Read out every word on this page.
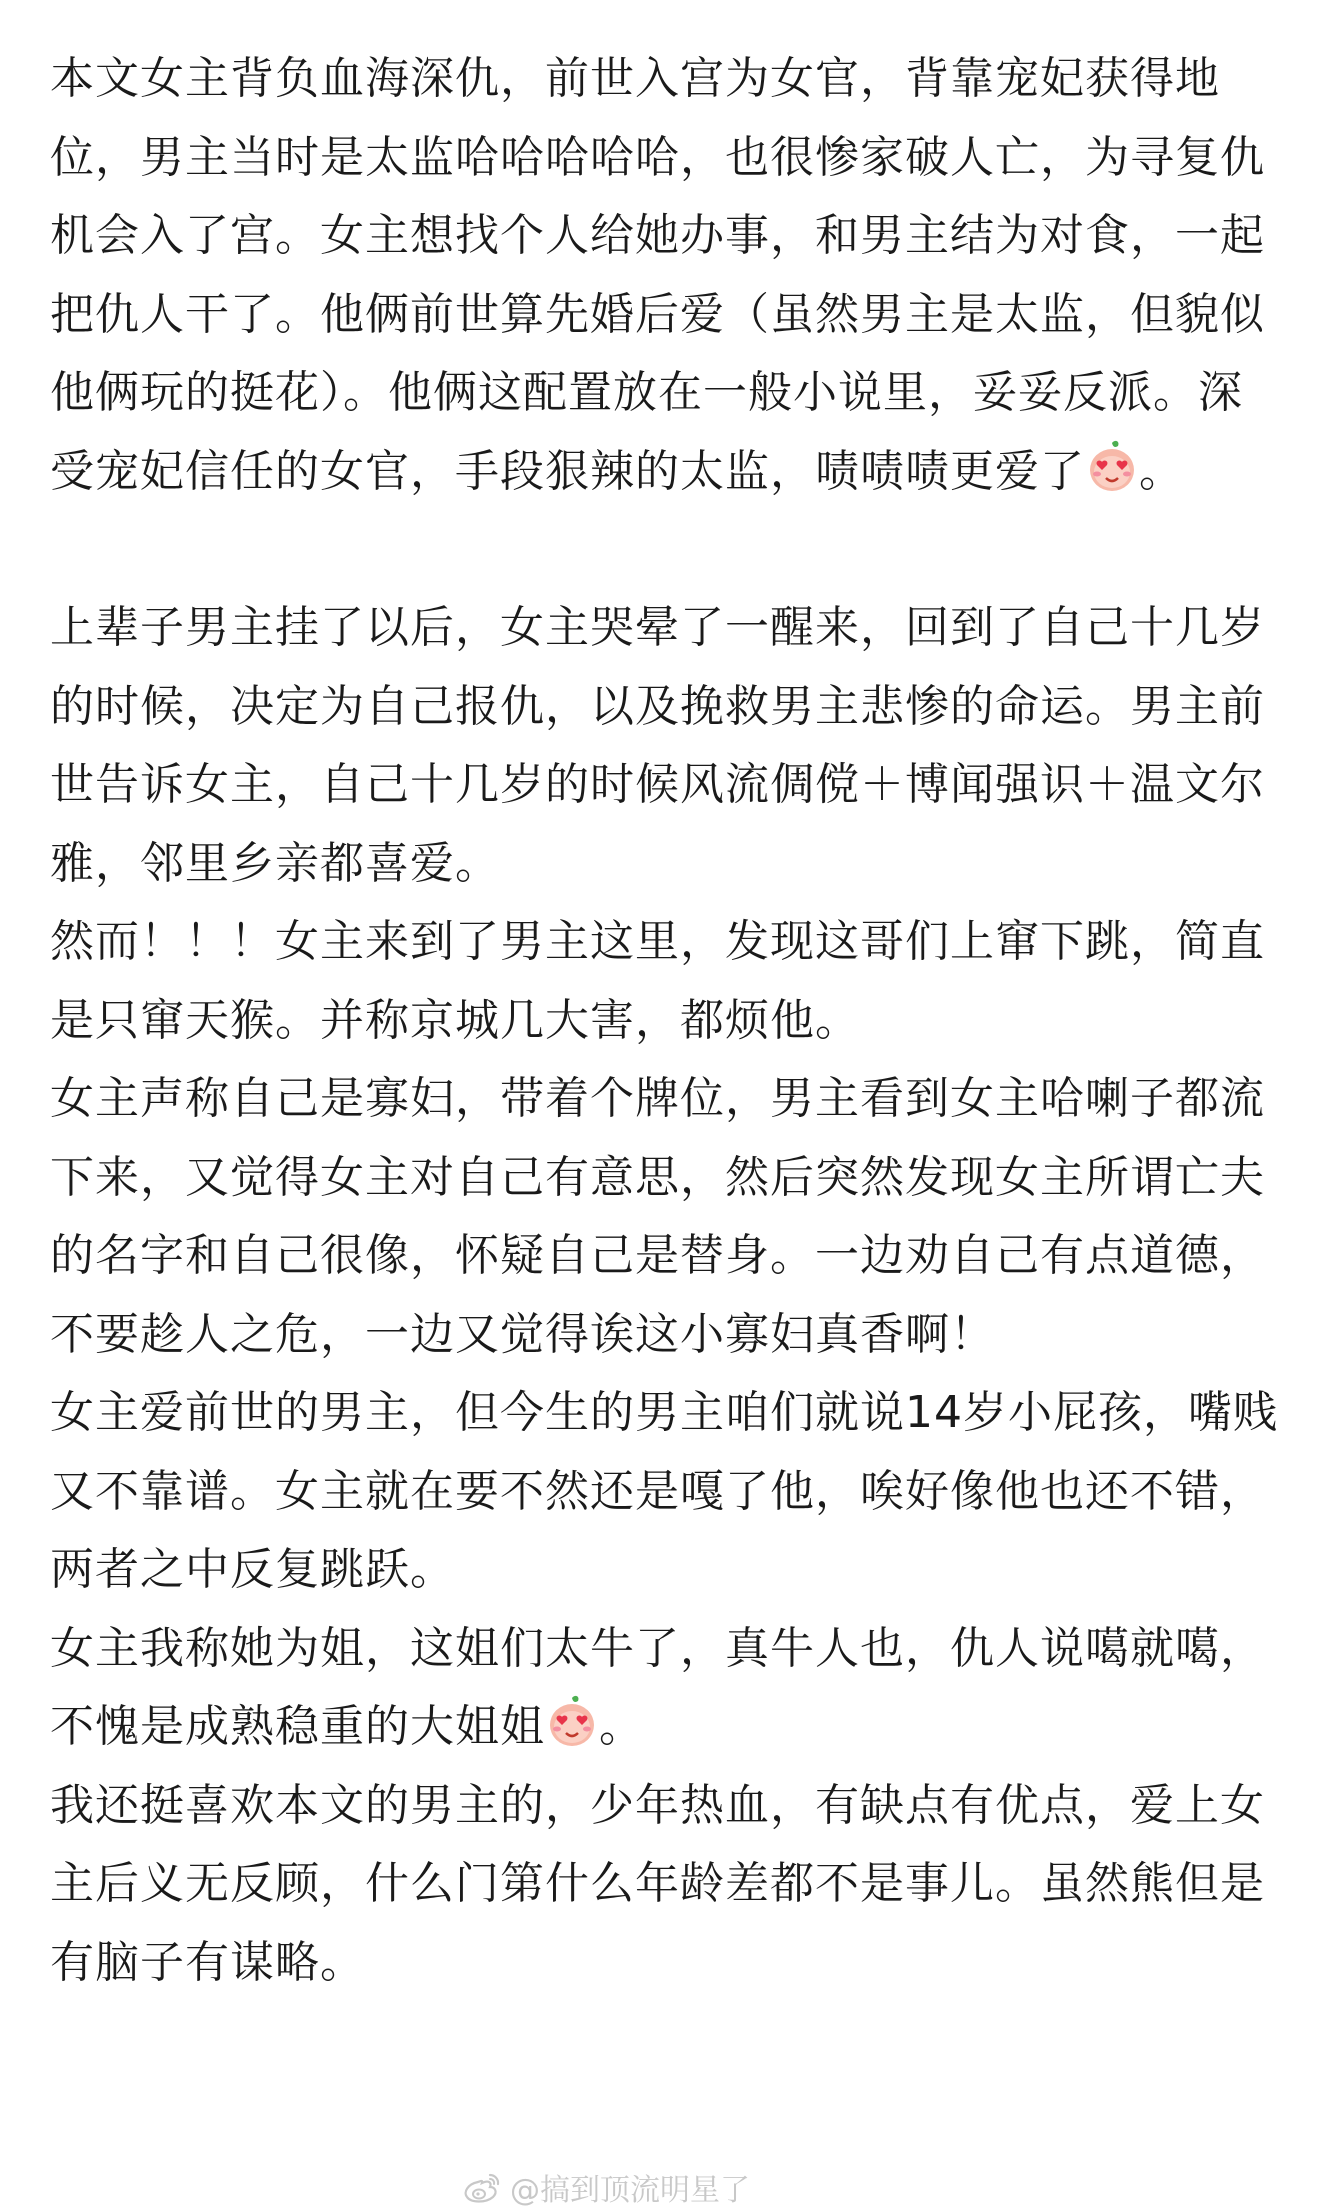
本文女主背负血海深仇，前世入宫为女官，背靠宠妃获得地位，男主当时是太监哈哈哈哈哈，也很惨家破人亡，为寻复仇机会入了宫。女主想找个人给她办事，和男主结为对食，一起把仇人干了。他俩前世算先婚后爱（虽然男主是太监，但貌似他俩玩的挺花）。他俩这配置放在一般小说里，妥妥反派。深受宠妃信任的女官，手段狠辣的太监，啧啧啧更爱了 。

上辈子男主挂了以后，女主哭晕了一醒来，回到了自己十几岁的时候，决定为自己报仇，以及挽救男主悲惨的命运。男主前世告诉女主，自己十几岁的时候风流倜傥＋博闻强识＋温文尔雅，邻里乡亲都喜爱。

然而！！！女主来到了男主这里，发现这哥们上窜下跳，简直是只窜天猴。并称京城几大害，都烦他。

女主声称自己是寡妇，带着个牌位，男主看到女主哈喇子都流下来，又觉得女主对自己有意思，然后突然发现女主所谓亡夫的名字和自己很像，怀疑自己是替身。一边劝自己有点道德，不要趁人之危，一边又觉得诶这小寡妇真香啊！

女主爱前世的男主，但今生的男主咱们就说14岁小屁孩，嘴贱又不靠谱。女主就在要不然还是嘎了他，唉好像他也还不错，两者之中反复跳跃。

女主我称她为姐，这姐们太牛了，真牛人也，仇人说噶就噶，不愧是成熟稳重的大姐姐 。

我还挺喜欢本文的男主的，少年热血，有缺点有优点，爱上女主后义无反顾，什么门第什么年龄差都不是事儿。虽然熊但是有脑子有谋略。

@搞到顶流明星了
